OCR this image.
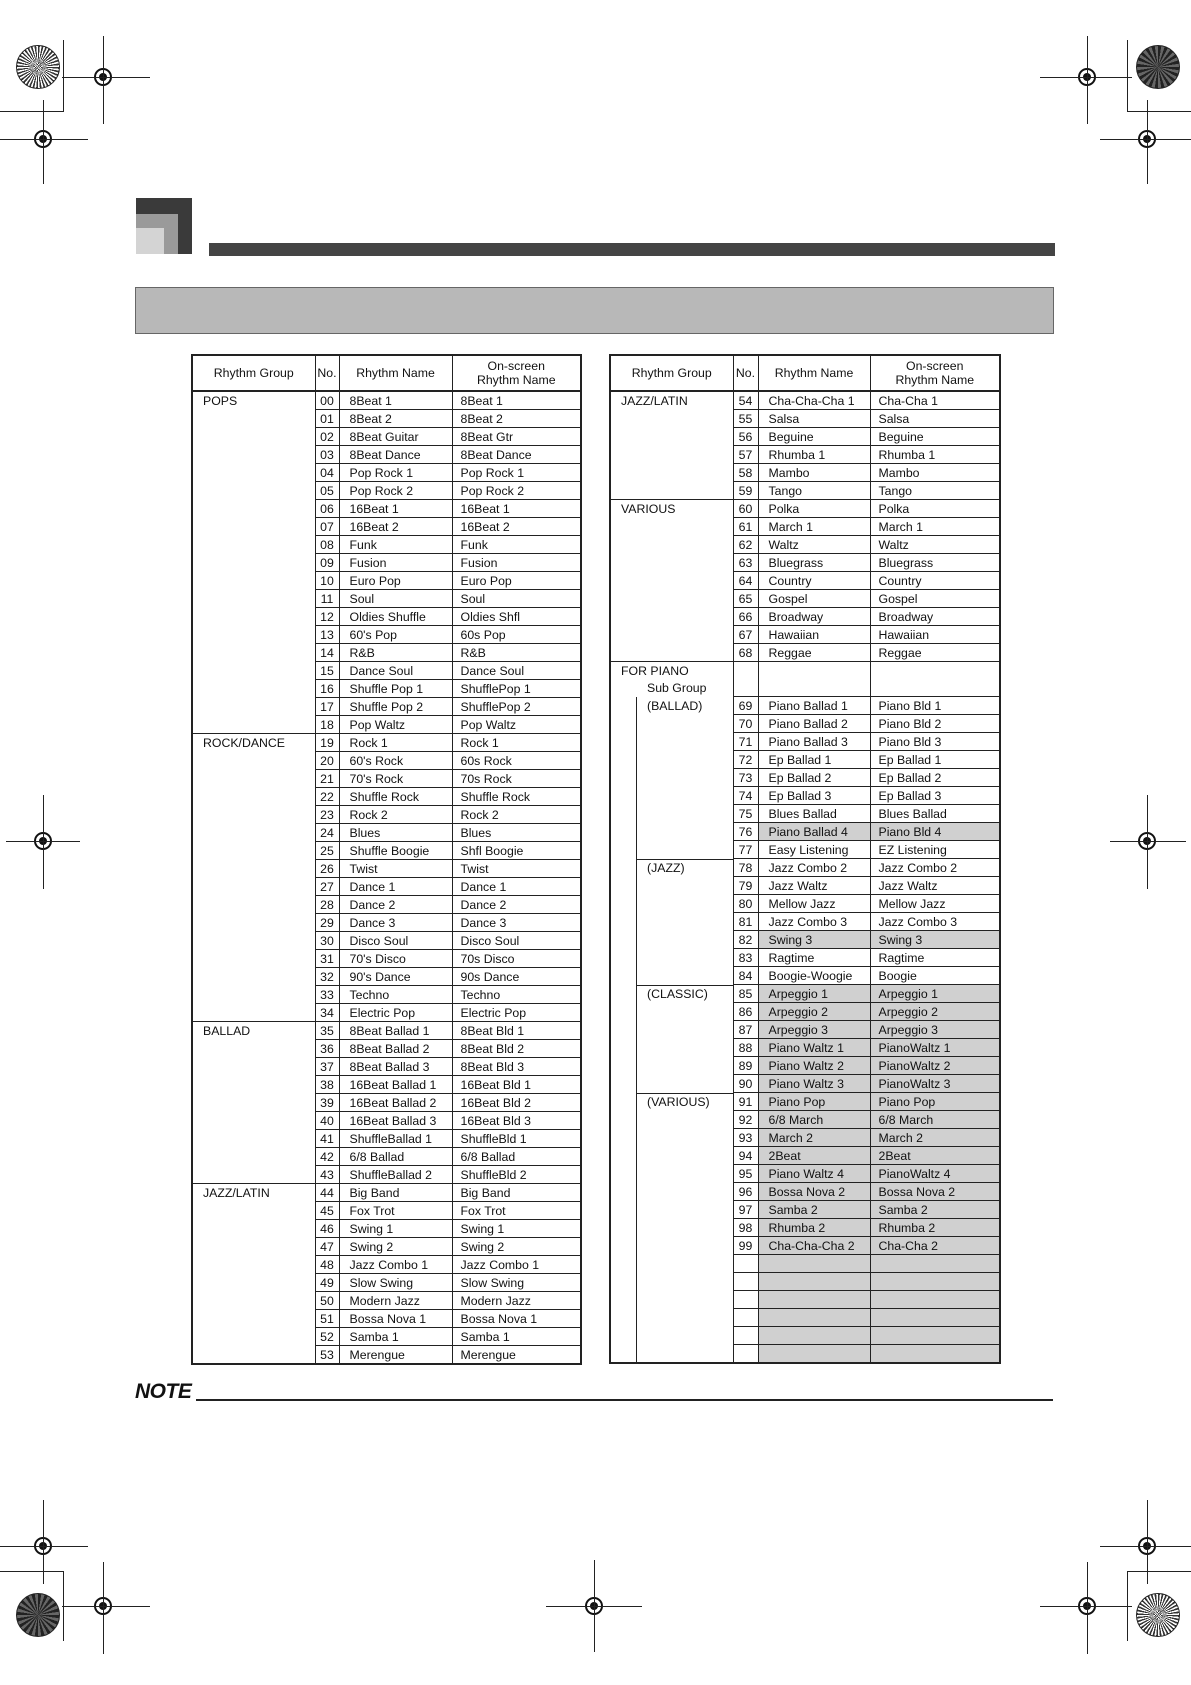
Rhythm Group	No.	Rhythm Name	On-screen
Rhythm Name
POPS	00	8Beat 1	8Beat 1
	01	8Beat 2	8Beat 2
	02	8Beat Guitar	8Beat Gtr
	03	8Beat Dance	8Beat Dance
	04	Pop Rock 1	Pop Rock 1
	05	Pop Rock 2	Pop Rock 2
	06	16Beat 1	16Beat 1
	07	16Beat 2	16Beat 2
	08	Funk	Funk
	09	Fusion	Fusion
	10	Euro Pop	Euro Pop
	11	Soul	Soul
	12	Oldies Shuffle	Oldies Shfl
	13	60's Pop	60s Pop
	14	R&B	R&B
	15	Dance Soul	Dance Soul
	16	Shuffle Pop 1	ShufflePop 1
	17	Shuffle Pop 2	ShufflePop 2
	18	Pop Waltz	Pop Waltz
ROCK/DANCE	19	Rock 1	Rock 1
	20	60's Rock	60s Rock
	21	70's Rock	70s Rock
	22	Shuffle Rock	Shuffle Rock
	23	Rock 2	Rock 2
	24	Blues	Blues
	25	Shuffle Boogie	Shfl Boogie
	26	Twist	Twist
	27	Dance 1	Dance 1
	28	Dance 2	Dance 2
	29	Dance 3	Dance 3
	30	Disco Soul	Disco Soul
	31	70's Disco	70s Disco
	32	90's Dance	90s Dance
	33	Techno	Techno
	34	Electric Pop	Electric Pop
BALLAD	35	8Beat Ballad 1	8Beat Bld 1
	36	8Beat Ballad 2	8Beat Bld 2
	37	8Beat Ballad 3	8Beat Bld 3
	38	16Beat Ballad 1	16Beat Bld 1
	39	16Beat Ballad 2	16Beat Bld 2
	40	16Beat Ballad 3	16Beat Bld 3
	41	ShuffleBallad 1	ShuffleBld 1
	42	6/8 Ballad	6/8 Ballad
	43	ShuffleBallad 2	ShuffleBld 2
JAZZ/LATIN	44	Big Band	Big Band
	45	Fox Trot	Fox Trot
	46	Swing 1	Swing 1
	47	Swing 2	Swing 2
	48	Jazz Combo 1	Jazz Combo 1
	49	Slow Swing	Slow Swing
	50	Modern Jazz	Modern Jazz
	51	Bossa Nova 1	Bossa Nova 1
	52	Samba 1	Samba 1
	53	Merengue	Merengue
Rhythm Group	No.	Rhythm Name	On-screen
Rhythm Name
JAZZ/LATIN	54	Cha-Cha-Cha 1	Cha-Cha 1
	55	Salsa	Salsa
	56	Beguine	Beguine
	57	Rhumba 1	Rhumba 1
	58	Mambo	Mambo
	59	Tango	Tango
VARIOUS	60	Polka	Polka
	61	March 1	March 1
	62	Waltz	Waltz
	63	Bluegrass	Bluegrass
	64	Country	Country
	65	Gospel	Gospel
	66	Broadway	Broadway
	67	Hawaiian	Hawaiian
	68	Reggae	Reggae
FOR PIANO			
Sub Group			
(BALLAD)	69	Piano Ballad 1	Piano Bld 1
	70	Piano Ballad 2	Piano Bld 2
	71	Piano Ballad 3	Piano Bld 3
	72	Ep Ballad 1	Ep Ballad 1
	73	Ep Ballad 2	Ep Ballad 2
	74	Ep Ballad 3	Ep Ballad 3
	75	Blues Ballad	Blues Ballad
	76	Piano Ballad 4	Piano Bld 4
	77	Easy Listening	EZ Listening
(JAZZ)	78	Jazz Combo 2	Jazz Combo 2
	79	Jazz Waltz	Jazz Waltz
	80	Mellow Jazz	Mellow Jazz
	81	Jazz Combo 3	Jazz Combo 3
	82	Swing 3	Swing 3
	83	Ragtime	Ragtime
	84	Boogie-Woogie	Boogie
(CLASSIC)	85	Arpeggio 1	Arpeggio 1
	86	Arpeggio 2	Arpeggio 2
	87	Arpeggio 3	Arpeggio 3
	88	Piano Waltz 1	PianoWaltz 1
	89	Piano Waltz 2	PianoWaltz 2
	90	Piano Waltz 3	PianoWaltz 3
(VARIOUS)	91	Piano Pop	Piano Pop
	92	6/8 March	6/8 March
	93	March 2	March 2
	94	2Beat	2Beat
	95	Piano Waltz 4	PianoWaltz 4
	96	Bossa Nova 2	Bossa Nova 2
	97	Samba 2	Samba 2
	98	Rhumba 2	Rhumba 2
	99	Cha-Cha-Cha 2	Cha-Cha 2

NOTE
